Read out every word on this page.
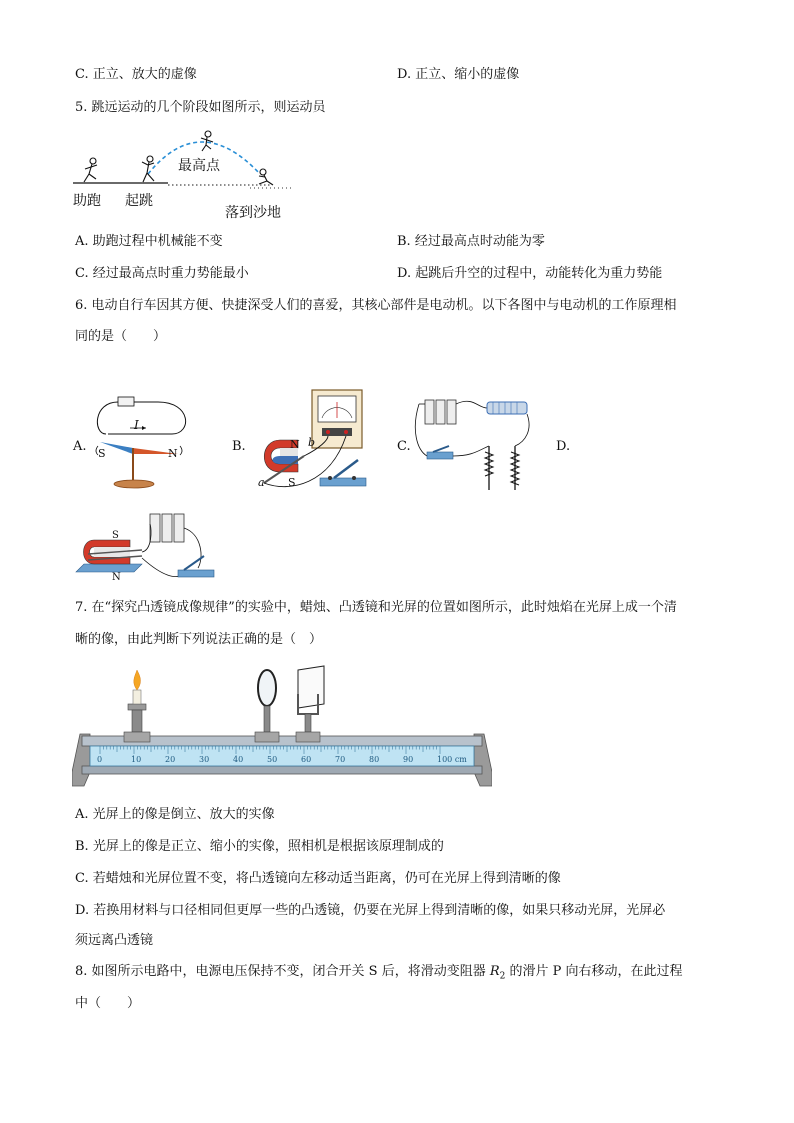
C. 正立、放大的虚像	D. 正立、缩小的虚像
5. 跳远运动的几个阶段如图所示，则运动员
最高点
助跑 起跳
落到沙地
A. 助跑过程中机械能不变	B. 经过最高点时动能为零
C. 经过最高点时重力势能最小	D. 起跳后升空的过程中，动能转化为重力势能
6. 电动自行车因其方便、快捷深受人们的喜爱，其核心部件是电动机。以下各图中与电动机的工作原理相
同的是（　　）
A.
I
S	N	B.	N
S
b
a
C.	D.
S
N
7. 在“探究凸透镜成像规律”的实验中，蜡烛、凸透镜和光屏的位置如图所示，此时烛焰在光屏上成一个清
晰的像，由此判断下列说法正确的是（　）
0	10	20	30	40	50	60	70	80	90	100 cm
A. 光屏上的像是倒立、放大的实像
B. 光屏上的像是正立、缩小的实像，照相机是根据该原理制成的
C. 若蜡烛和光屏位置不变，将凸透镜向左移动适当距离，仍可在光屏上得到清晰的像
D. 若换用材料与口径相同但更厚一些的凸透镜，仍要在光屏上得到清晰的像，如果只移动光屏，光屏必
须远离凸透镜
8. 如图所示电路中，电源电压保持不变，闭合开关 S 后，将滑动变阻器 $R_2$ 的滑片 P 向右移动，在此过程
中（　　）
